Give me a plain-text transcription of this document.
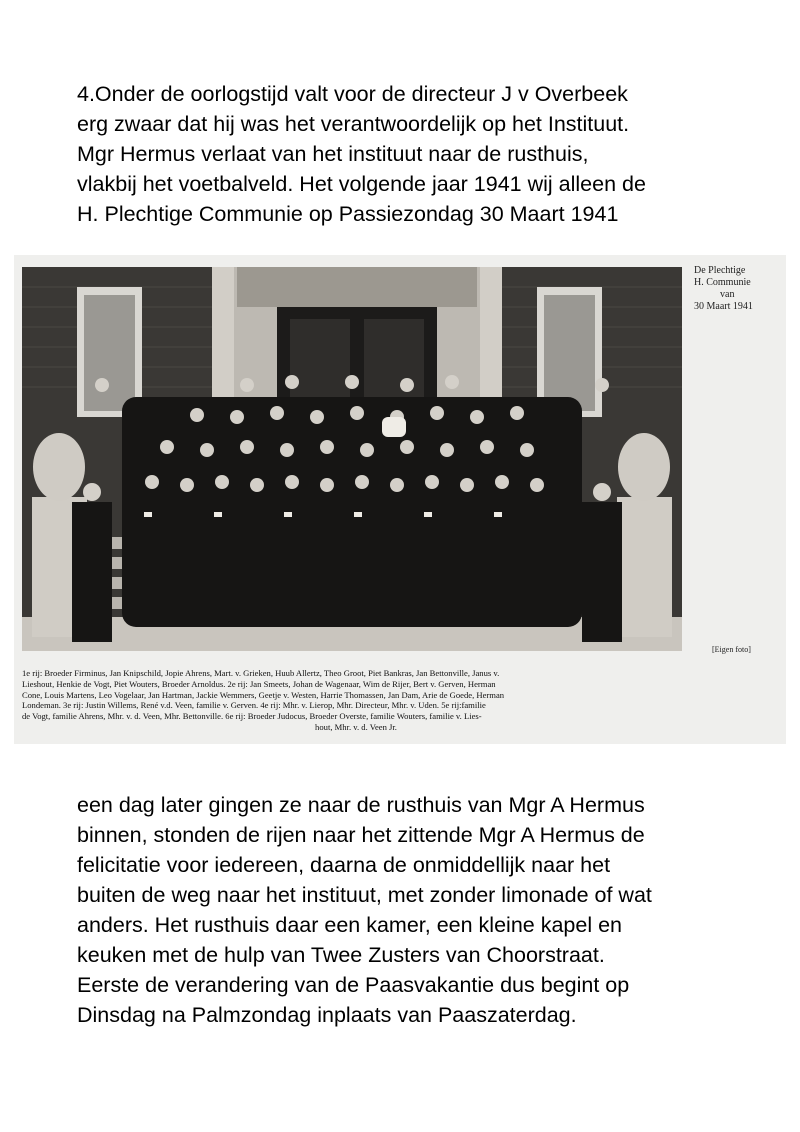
4.Onder de oorlogstijd valt voor de directeur J v Overbeek
erg zwaar dat hij was het verantwoordelijk op het Instituut.
Mgr Hermus verlaat van het instituut naar de rusthuis,
vlakbij het voetbalveld. Het volgende jaar 1941 wij alleen de
H. Plechtige Communie op Passiezondag 30 Maart 1941
De Plechtige
H. Communie
van
30 Maart 1941
[Eigen foto]
1e rij: Broeder Firminus, Jan Knipschild, Jopie Ahrens, Mart. v. Grieken, Huub Allertz, Theo Groot, Piet Bankras, Jan Bettonville, Janus v.
Lieshout, Henkie de Vogt, Piet Wouters, Broeder Arnoldus. 2e rij: Jan Smeets, Johan de Wagenaar, Wim de Rijer, Bert v. Gerven, Herman
Cone, Louis Martens, Leo Vogelaar, Jan Hartman, Jackie Wemmers, Geetje v. Westen, Harrie Thomassen, Jan Dam, Arie de Goede, Herman
Londeman. 3e rij: Justin Willems, René v.d. Veen, familie v. Gerven. 4e rij: Mhr. v. Lierop, Mhr. Directeur, Mhr. v. Uden. 5e rij:familie
de Vogt, familie Ahrens, Mhr. v. d. Veen, Mhr. Bettonville. 6e rij: Broeder Judocus, Broeder Overste, familie Wouters, familie v. Lies-
hout, Mhr. v. d. Veen Jr.
een dag later gingen ze naar de rusthuis van Mgr A Hermus
binnen, stonden de rijen naar het zittende Mgr A Hermus de
felicitatie voor iedereen, daarna de onmiddellijk naar het
buiten de weg naar het instituut, met zonder limonade of wat
anders. Het rusthuis daar een kamer, een kleine kapel en
keuken met de hulp van Twee Zusters van Choorstraat.
Eerste de verandering van de Paasvakantie dus begint op
Dinsdag na Palmzondag inplaats van Paaszaterdag.
